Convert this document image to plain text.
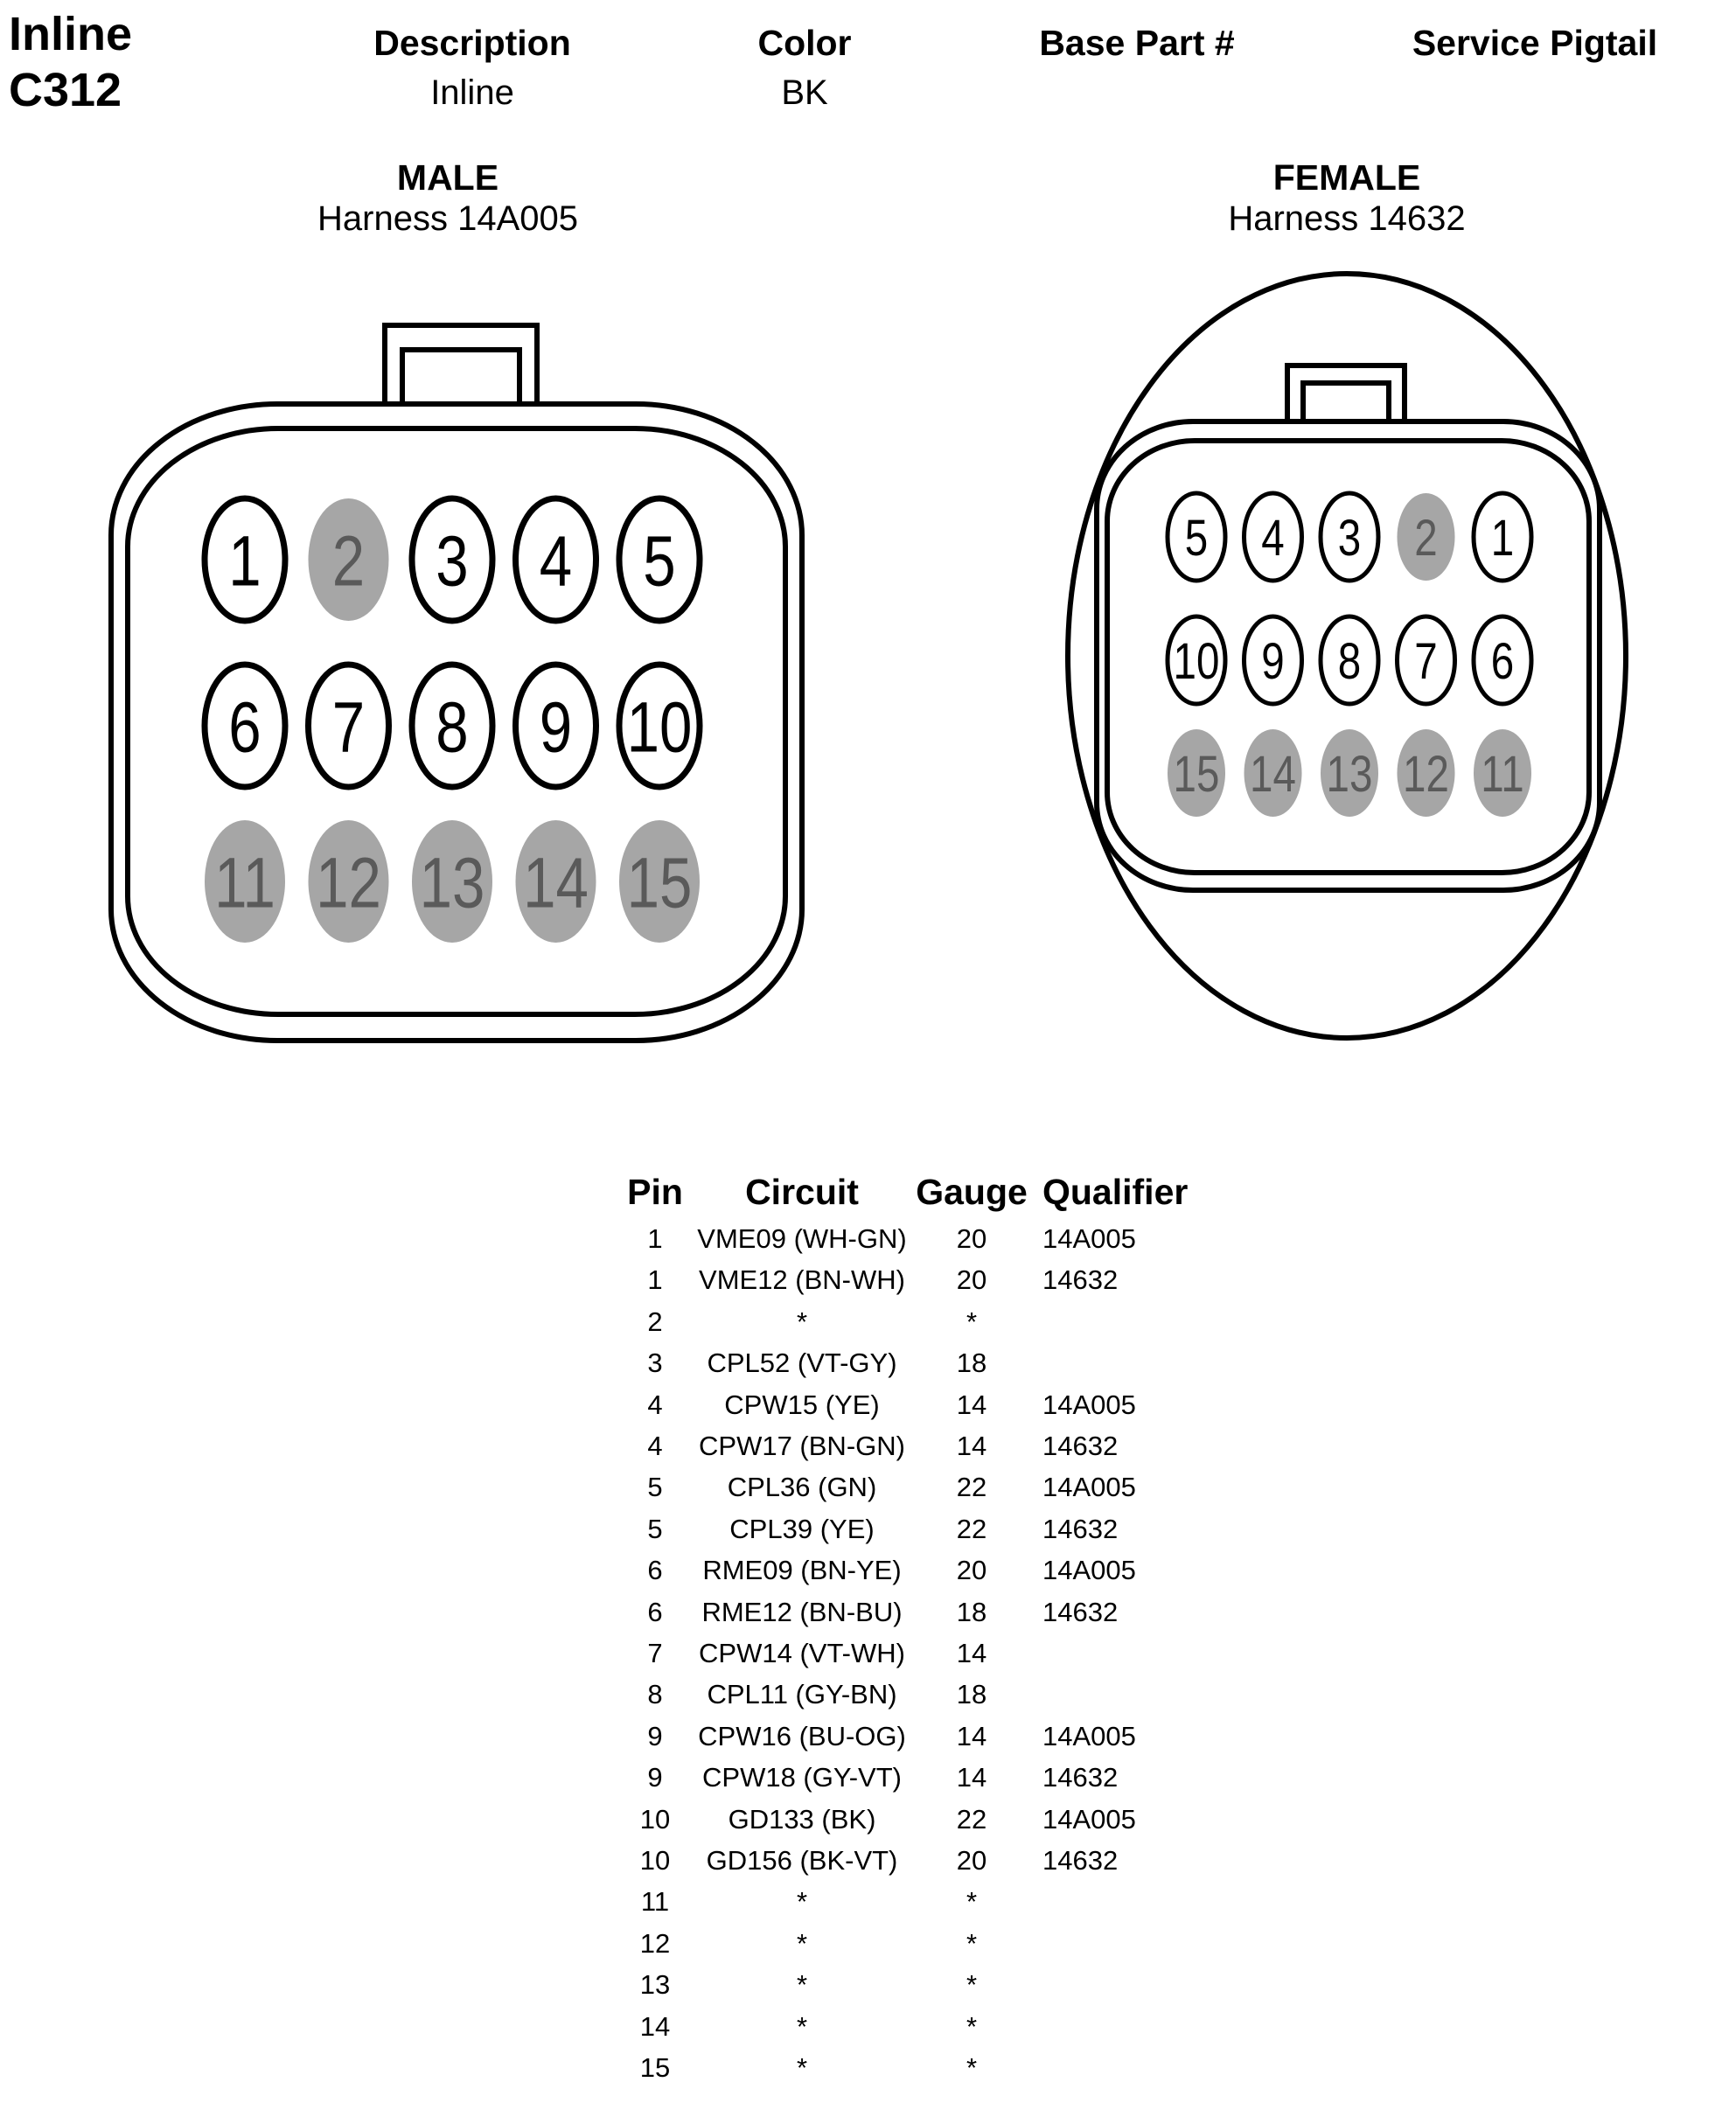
Inline
C312
Description
Inline
Color
BK
Base Part #	Service Pigtail
MALE
Harness 14A005
FEMALE
Harness 14632
1 2 3 4 5
6 7 8 9 10
11 12 13 14 15
5 4 3 2 1
10 9 8 7 6
15 14 13 12 11
Pin	Circuit	Gauge Qualifier
1	VME09 (WH-GN)	20	14A005
1	VME12 (BN-WH)	20	14632
2	*	*
3	CPL52 (VT-GY)	18
4	CPW15 (YE)	14	14A005
4	CPW17 (BN-GN)	14	14632
5	CPL36 (GN)	22	14A005
5	CPL39 (YE)	22	14632
6	RME09 (BN-YE)	20	14A005
6	RME12 (BN-BU)	18	14632
7	CPW14 (VT-WH)	14
8	CPL11 (GY-BN)	18
9	CPW16 (BU-OG)	14	14A005
9	CPW18 (GY-VT)	14	14632
10	GD133 (BK)	22	14A005
10	GD156 (BK-VT)	20	14632
11	*	*
12	*	*
13	*	*
14	*	*
15	*	*
